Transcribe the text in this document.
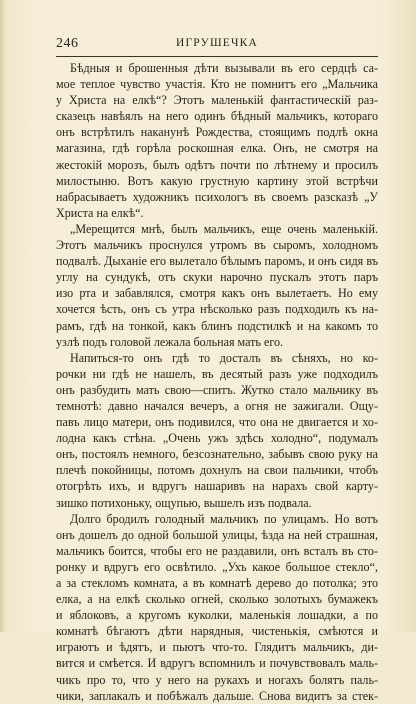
246	ИГРУШЕЧКА
Бѣдныя и брошенныя дѣти вызывали въ его сердцѣ са-
мое теплое чувство участія. Кто не помнитъ его „Мальчика
у Христа на елкѣ“? Этотъ маленькій фантастическій раз-
сказецъ навѣялъ на него одинъ бѣдный мальчикъ, котораго
онъ встрѣтилъ наканунѣ Рождества, стоящимъ подлѣ окна
магазина, гдѣ горѣла роскошная елка. Онъ, не смотря на
жестокій морозъ, былъ одѣтъ почти по лѣтнему и просилъ
милостыню. Вотъ какую грустную картину этой встрѣчи
набрасываетъ художникъ психологъ въ своемъ разсказѣ „У
Христа на елкѣ“.
„Мерещится мнѣ, былъ мальчикъ, еще очень маленькій.
Этотъ мальчикъ проснулся утромъ въ сыромъ, холодномъ
подвалѣ. Дыханіе его вылетало бѣлымъ паромъ, и онъ сидя въ
углу на сундукѣ, отъ скуки нарочно пускалъ этотъ паръ
изо рта и забавлялся, смотря какъ онъ вылетаетъ. Но ему
хочется ѣсть, онъ съ утра нѣсколько разъ подходилъ къ на-
рамъ, гдѣ на тонкой, какъ блинъ подстилкѣ и на какомъ то
узлѣ подъ головой лежала больная мать его.
Напиться-то онъ гдѣ то досталъ въ сѣняхъ, но ко-
рочки ни гдѣ не нашелъ, въ десятый разъ уже подходилъ
онъ разбудить мать свою—спитъ. Жутко стало мальчику въ
темнотѣ: давно начался вечеръ, а огня не зажигали. Ощу-
павъ лицо матери, онъ подивился, что она не двигается и хо-
лодна какъ стѣна. „Очень ужъ здѣсь холодно“, подумалъ
онъ, постоялъ немного, безсознательно, забывъ свою руку на
плечѣ покойницы, потомъ дохнулъ на свои пальчики, чтобъ
отогрѣть ихъ, и вдругъ нашаривъ на нарахъ свой карту-
зишко потихоньку, ощупью, вышелъ изъ подвала.
Долго бродилъ голодный мальчикъ по улицамъ. Но вотъ
онъ дошелъ до одной большой улицы, ѣзда на ней страшная,
мальчикъ боится, чтобы его не раздавили, онъ всталъ въ сто-
ронку и вдругъ его освѣтило. „Ухъ какое большое стекло“,
а за стекломъ комната, а въ комнатѣ дерево до потолка; это
елка, а на елкѣ сколько огней, сколько золотыхъ бумажекъ
и яблоковъ, а кругомъ куколки, маленькія лошадки, а по
комнатѣ бѣгаютъ дѣти нарядныя, чистенькія, смѣются и
играютъ и ѣдятъ, и пьютъ что-то. Глядитъ мальчикъ, ди-
вится и смѣется. И вдругъ вспомнилъ и почувствовалъ маль-
чикъ про то, что у него на рукахъ и ногахъ болятъ паль-
чики, заплакалъ и побѣжалъ дальше. Снова видитъ за стек-
